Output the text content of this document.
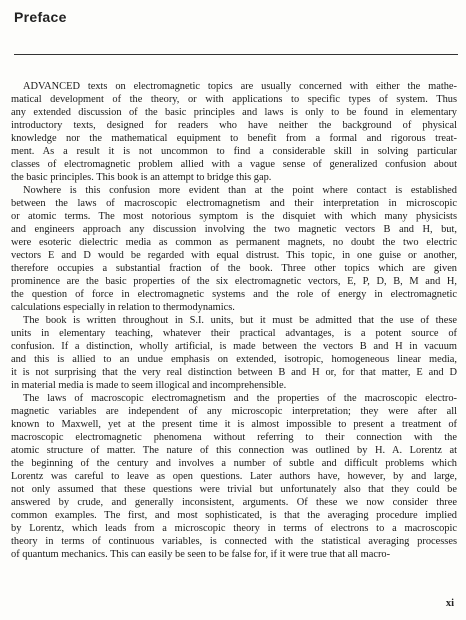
Preface

ADVANCED texts on electromagnetic topics are usually concerned with either the mathe-
matical development of the theory, or with applications to specific types of system. Thus
any extended discussion of the basic principles and laws is only to be found in elementary
introductory texts, designed for readers who have neither the background of physical
knowledge nor the mathematical equipment to benefit from a formal and rigorous treat-
ment. As a result it is not uncommon to find a considerable skill in solving particular
classes of electromagnetic problem allied with a vague sense of generalized confusion about
the basic principles. This book is an attempt to bridge this gap.

Nowhere is this confusion more evident than at the point where contact is established
between the laws of macroscopic electromagnetism and their interpretation in microscopic
or atomic terms. The most notorious symptom is the disquiet with which many physicists
and engineers approach any discussion involving the two magnetic vectors B and H, but,
were esoteric dielectric media as common as permanent magnets, no doubt the two electric
vectors E and D would be regarded with equal distrust. This topic, in one guise or another,
therefore occupies a substantial fraction of the book. Three other topics which are given
prominence are the basic properties of the six electromagnetic vectors, E, P, D, B, M and H,
the question of force in electromagnetic systems and the role of energy in electromagnetic
calculations especially in relation to thermodynamics.

The book is written throughout in S.I. units, but it must be admitted that the use of these
units in elementary teaching, whatever their practical advantages, is a potent source of
confusion. If a distinction, wholly artificial, is made between the vectors B and H in vacuum
and this is allied to an undue emphasis on extended, isotropic, homogeneous linear media,
it is not surprising that the very real distinction between B and H or, for that matter, E and D
in material media is made to seem illogical and incomprehensible.

The laws of macroscopic electromagnetism and the properties of the macroscopic electro-
magnetic variables are independent of any microscopic interpretation; they were after all
known to Maxwell, yet at the present time it is almost impossible to present a treatment of
macroscopic electromagnetic phenomena without referring to their connection with the
atomic structure of matter. The nature of this connection was outlined by H. A. Lorentz at
the beginning of the century and involves a number of subtle and difficult problems which
Lorentz was careful to leave as open questions. Later authors have, however, by and large,
not only assumed that these questions were trivial but unfortunately also that they could be
answered by crude, and generally inconsistent, arguments. Of these we now consider three
common examples. The first, and most sophisticated, is that the averaging procedure implied
by Lorentz, which leads from a microscopic theory in terms of electrons to a macroscopic
theory in terms of continuous variables, is connected with the statistical averaging processes
of quantum mechanics. This can easily be seen to be false for, if it were true that all macro-

xi
